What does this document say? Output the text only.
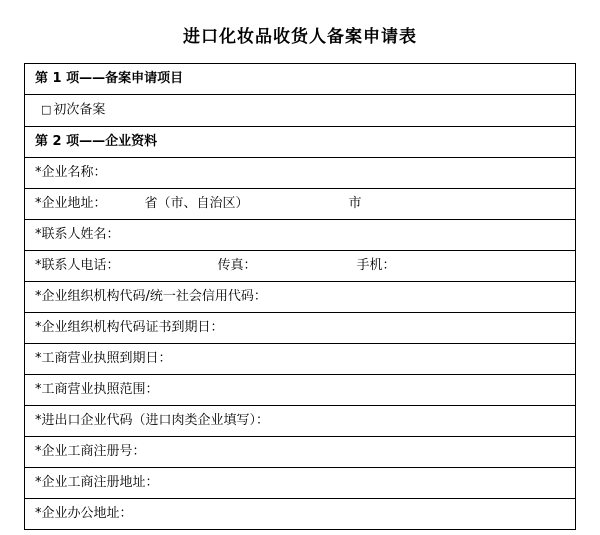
进口化妆品收货人备案申请表
第 1 项——备案申请项目
□ 初次备案
第 2 项——企业资料
*企业名称：
*企业地址：	省（市、自治区）	市
*联系人姓名：
*联系人电话：	传真：	手机：
*企业组织机构代码/统一社会信用代码：
*企业组织机构代码证书到期日：
*工商营业执照到期日：
*工商营业执照范围：
*进出口企业代码（进口肉类企业填写）：
*企业工商注册号：
*企业工商注册地址：
*企业办公地址：
